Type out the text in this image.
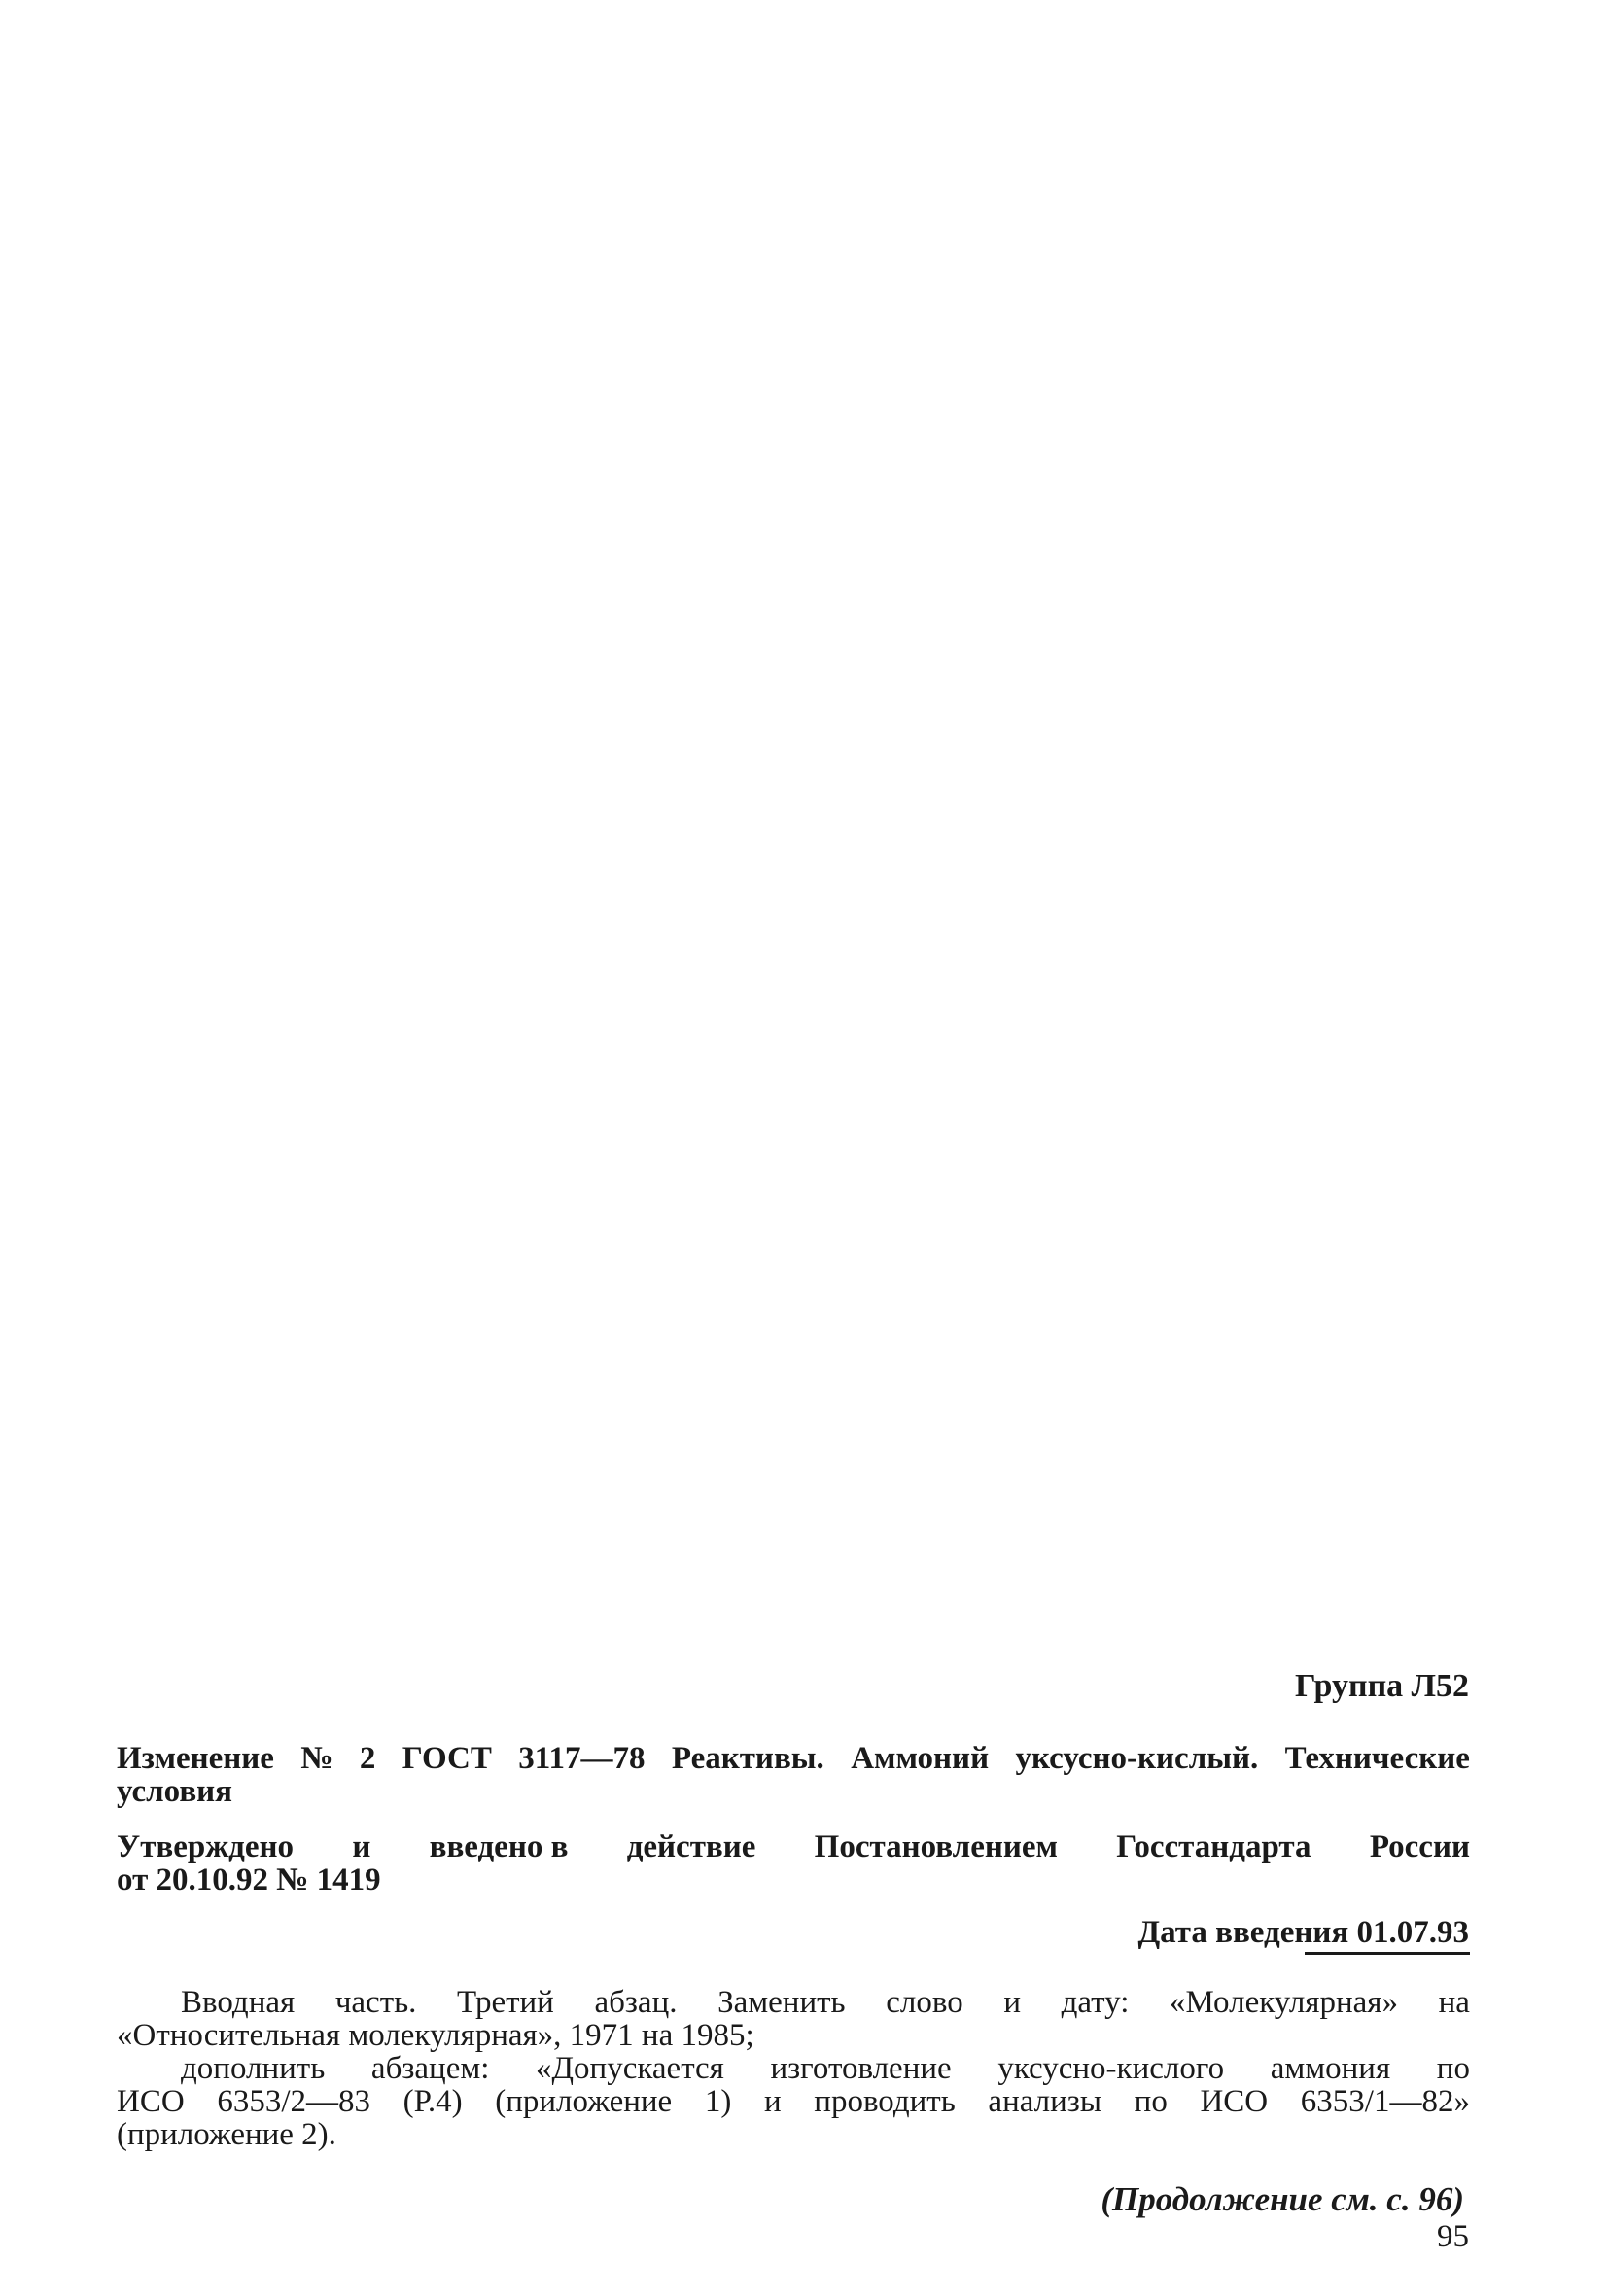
Группа Л52
Изменение № 2 ГОСТ 3117—78 Реактивы. Аммоний уксусно-кислый. Технические
условия
Утверждено и введено в действие Постановлением Госстандарта России
от 20.10.92 № 1419
Дата введения 01.07.93
Вводная часть. Третий абзац. Заменить слово и дату: «Молекулярная» на
«Относительная молекулярная», 1971 на 1985;
дополнить абзацем: «Допускается изготовление уксусно-кислого аммония по
ИСО 6353/2—83 (Р.4) (приложение 1) и проводить анализы по ИСО 6353/1—82»
(приложение 2).
(Продолжение см. с. 96)
95
